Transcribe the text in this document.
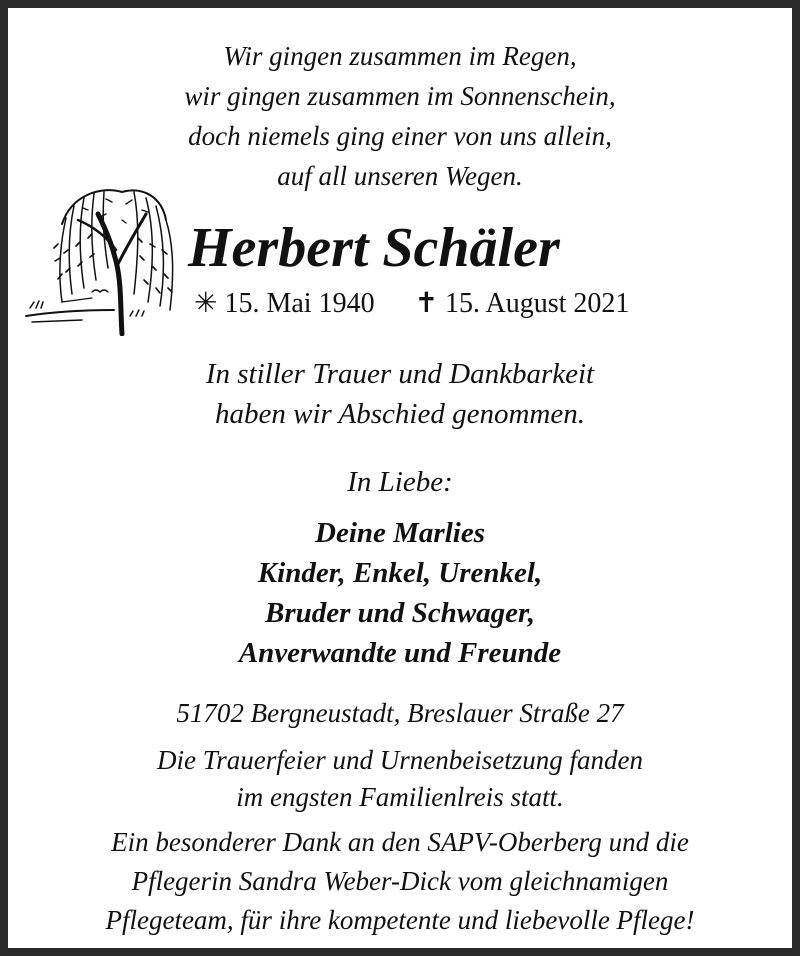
Wir gingen zusammen im Regen,
wir gingen zusammen im Sonnenschein,
doch niemels ging einer von uns allein,
auf all unseren Wegen.
Herbert Schäler
✳ 15. Mai 1940 ✝ 15. August 2021
In stiller Trauer und Dankbarkeit
haben wir Abschied genommen.
In Liebe:
Deine Marlies
Kinder, Enkel, Urenkel,
Bruder und Schwager,
Anverwandte und Freunde
51702 Bergneustadt, Breslauer Straße 27
Die Trauerfeier und Urnenbeisetzung fanden
im engsten Familienlreis statt.
Ein besonderer Dank an den SAPV-Oberberg und die
Pflegerin Sandra Weber-Dick vom gleichnamigen
Pflegeteam, für ihre kompetente und liebevolle Pflege!
